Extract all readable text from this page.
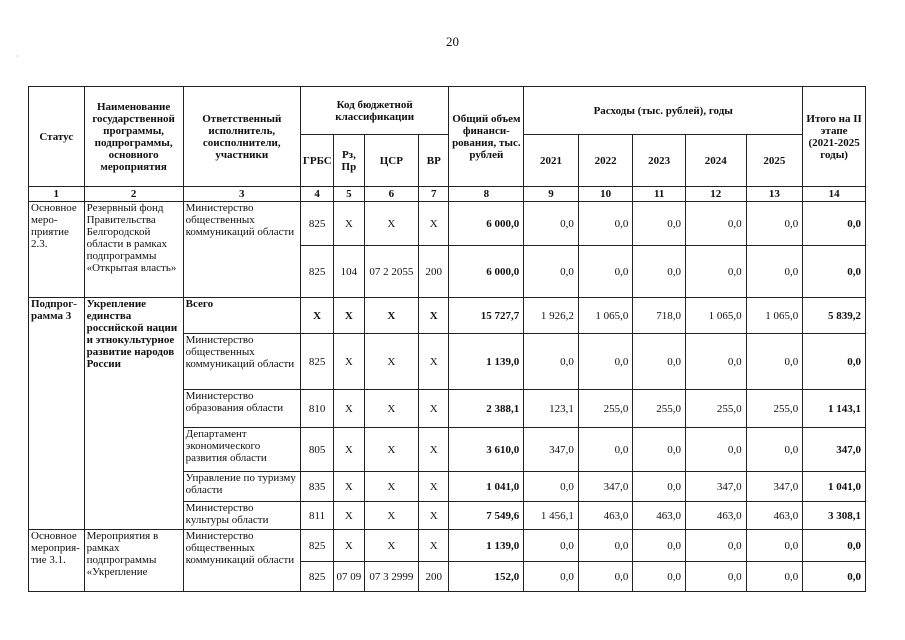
20
·
Статус	Наименование государственной программы, подпрограммы, основного мероприятия	Ответственный исполнитель, соисполнители, участники	Код бюджетной классификации				Общий объем финанси-рования, тыс. рублей	Расходы (тыс. рублей), годы					Итого на II этапе (2021-2025 годы)
			ГРБС	Рз, Пр	ЦСР	ВР		2021	2022	2023	2024	2025	
1	2	3	4	5	6	7	8	9	10	11	12	13	14
Основное меро-приятие 2.3.	Резервный фонд Правительства Белгородской области в рамках подпрограммы «Открытая власть»	Министерство общественных коммуникаций области	825	Х	Х	Х	6 000,0	0,0	0,0	0,0	0,0	0,0	0,0
			825	104	07 2 2055	200	6 000,0	0,0	0,0	0,0	0,0	0,0	0,0
Подпрог-рамма 3	Укрепление единства российской нации и этнокультурное развитие народов России	Всего	Х	Х	Х	Х	15 727,7	1 926,2	1 065,0	718,0	1 065,0	1 065,0	5 839,2
		Министерство общественных коммуникаций области	825	Х	Х	Х	1 139,0	0,0	0,0	0,0	0,0	0,0	0,0
		Министерство образования области	810	Х	Х	Х	2 388,1	123,1	255,0	255,0	255,0	255,0	1 143,1
		Департамент экономического развития области	805	Х	Х	Х	3 610,0	347,0	0,0	0,0	0,0	0,0	347,0
		Управление по туризму области	835	Х	Х	Х	1 041,0	0,0	347,0	0,0	347,0	347,0	1 041,0
		Министерство культуры области	811	Х	Х	Х	7 549,6	1 456,1	463,0	463,0	463,0	463,0	3 308,1
Основное мероприя-тие 3.1.	Мероприятия в рамках подпрограммы «Укрепление	Министерство общественных коммуникаций области	825	Х	Х	Х	1 139,0	0,0	0,0	0,0	0,0	0,0	0,0
			825	07 09	07 3 2999	200	152,0	0,0	0,0	0,0	0,0	0,0	0,0
